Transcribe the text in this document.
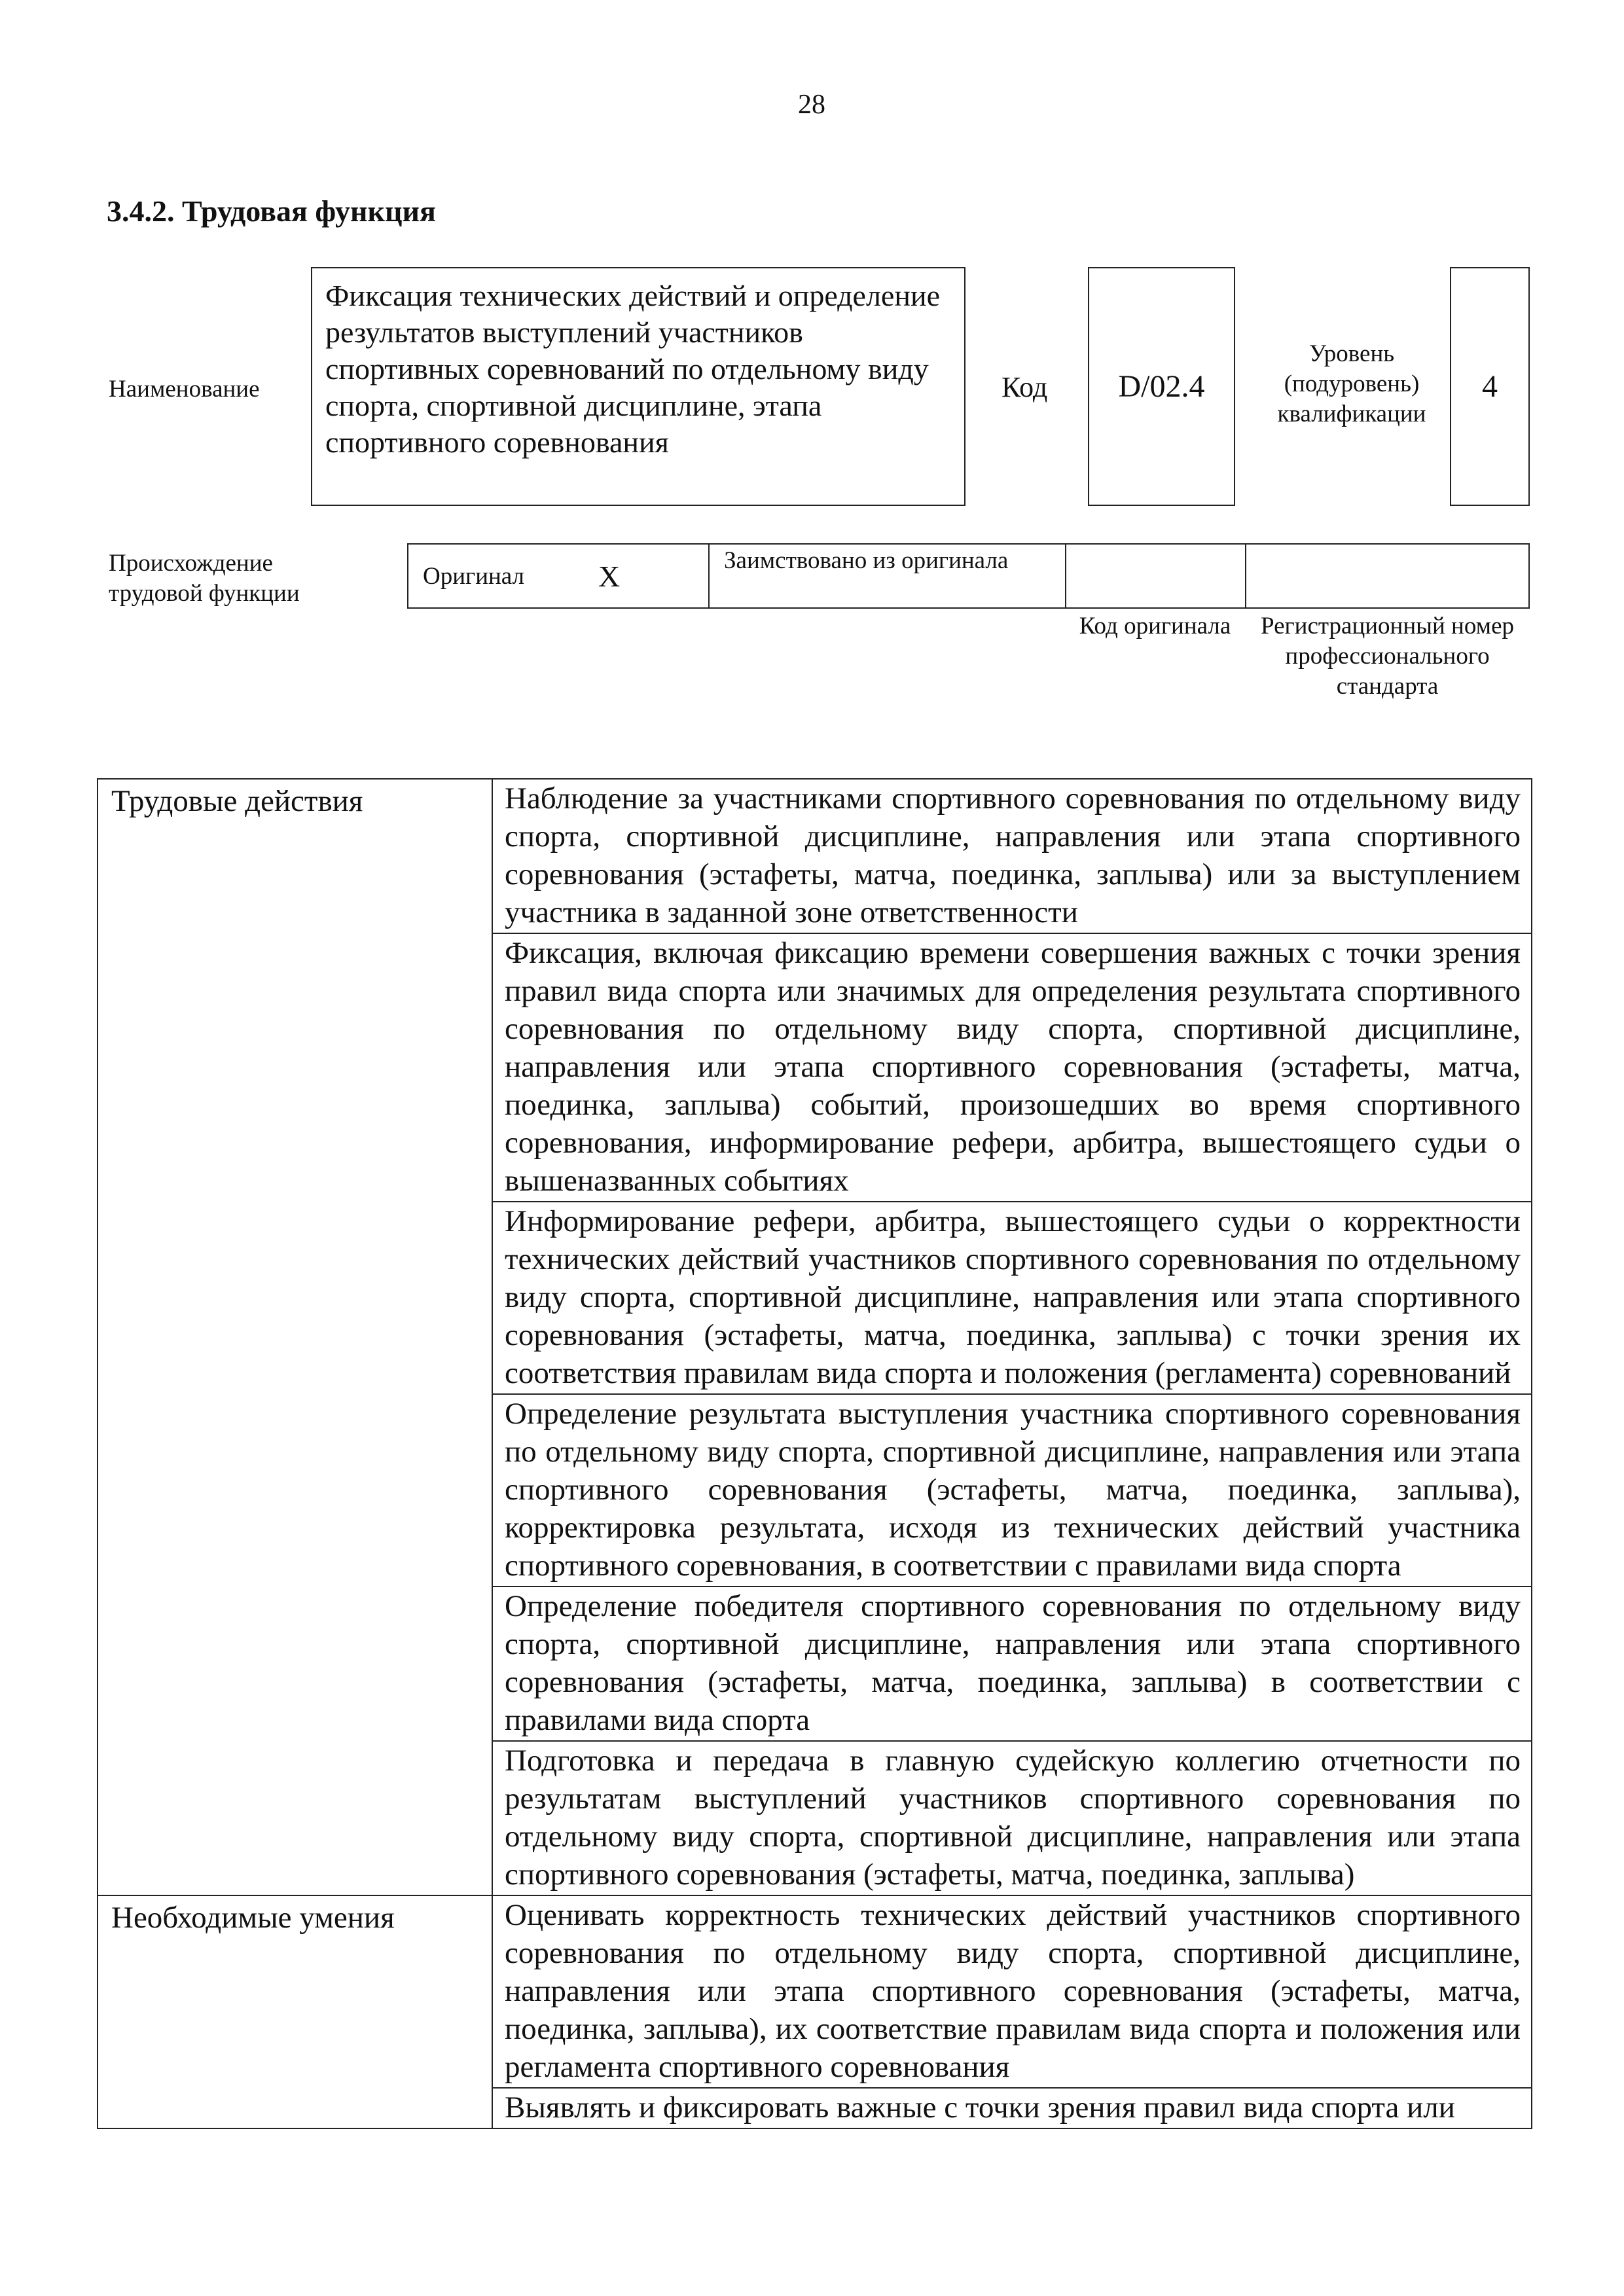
28
3.4.2. Трудовая функция
Наименование
Фиксация технических действий и определение результатов выступлений участников спортивных соревнований по отдельному виду спорта, спортивной дисциплине, этапа спортивного соревнования
Код D/02.4
Уровень (подуровень) квалификации
4
Происхождение трудовой функции
Оригинал X	Заимствовано из оригинала
Код оригинала	Регистрационный номер профессионального стандарта
Трудовые действия	Наблюдение за участниками спортивного соревнования по отдельному виду спорта, спортивной дисциплине, направления или этапа спортивного соревнования (эстафеты, матча, поединка, заплыва) или за выступлением участника в заданной зоне ответственности
	Фиксация, включая фиксацию времени совершения важных с точки зрения правил вида спорта или значимых для определения результата спортивного соревнования по отдельному виду спорта, спортивной дисциплине, направления или этапа спортивного соревнования (эстафеты, матча, поединка, заплыва) событий, произошедших во время спортивного соревнования, информирование рефери, арбитра, вышестоящего судьи о вышеназванных событиях
	Информирование рефери, арбитра, вышестоящего судьи о корректности технических действий участников спортивного соревнования по отдельному виду спорта, спортивной дисциплине, направления или этапа спортивного соревнования (эстафеты, матча, поединка, заплыва) с точки зрения их соответствия правилам вида спорта и положения (регламента) соревнований
	Определение результата выступления участника спортивного соревнования по отдельному виду спорта, спортивной дисциплине, направления или этапа спортивного соревнования (эстафеты, матча, поединка, заплыва), корректировка результата, исходя из технических действий участника спортивного соревнования, в соответствии с правилами вида спорта
	Определение победителя спортивного соревнования по отдельному виду спорта, спортивной дисциплине, направления или этапа спортивного соревнования (эстафеты, матча, поединка, заплыва) в соответствии с правилами вида спорта
	Подготовка и передача в главную судейскую коллегию отчетности по результатам выступлений участников спортивного соревнования по отдельному виду спорта, спортивной дисциплине, направления или этапа спортивного соревнования (эстафеты, матча, поединка, заплыва)
Необходимые умения	Оценивать корректность технических действий участников спортивного соревнования по отдельному виду спорта, спортивной дисциплине, направления или этапа спортивного соревнования (эстафеты, матча, поединка, заплыва), их соответствие правилам вида спорта и положения или регламента спортивного соревнования
	Выявлять и фиксировать важные с точки зрения правил вида спорта или
